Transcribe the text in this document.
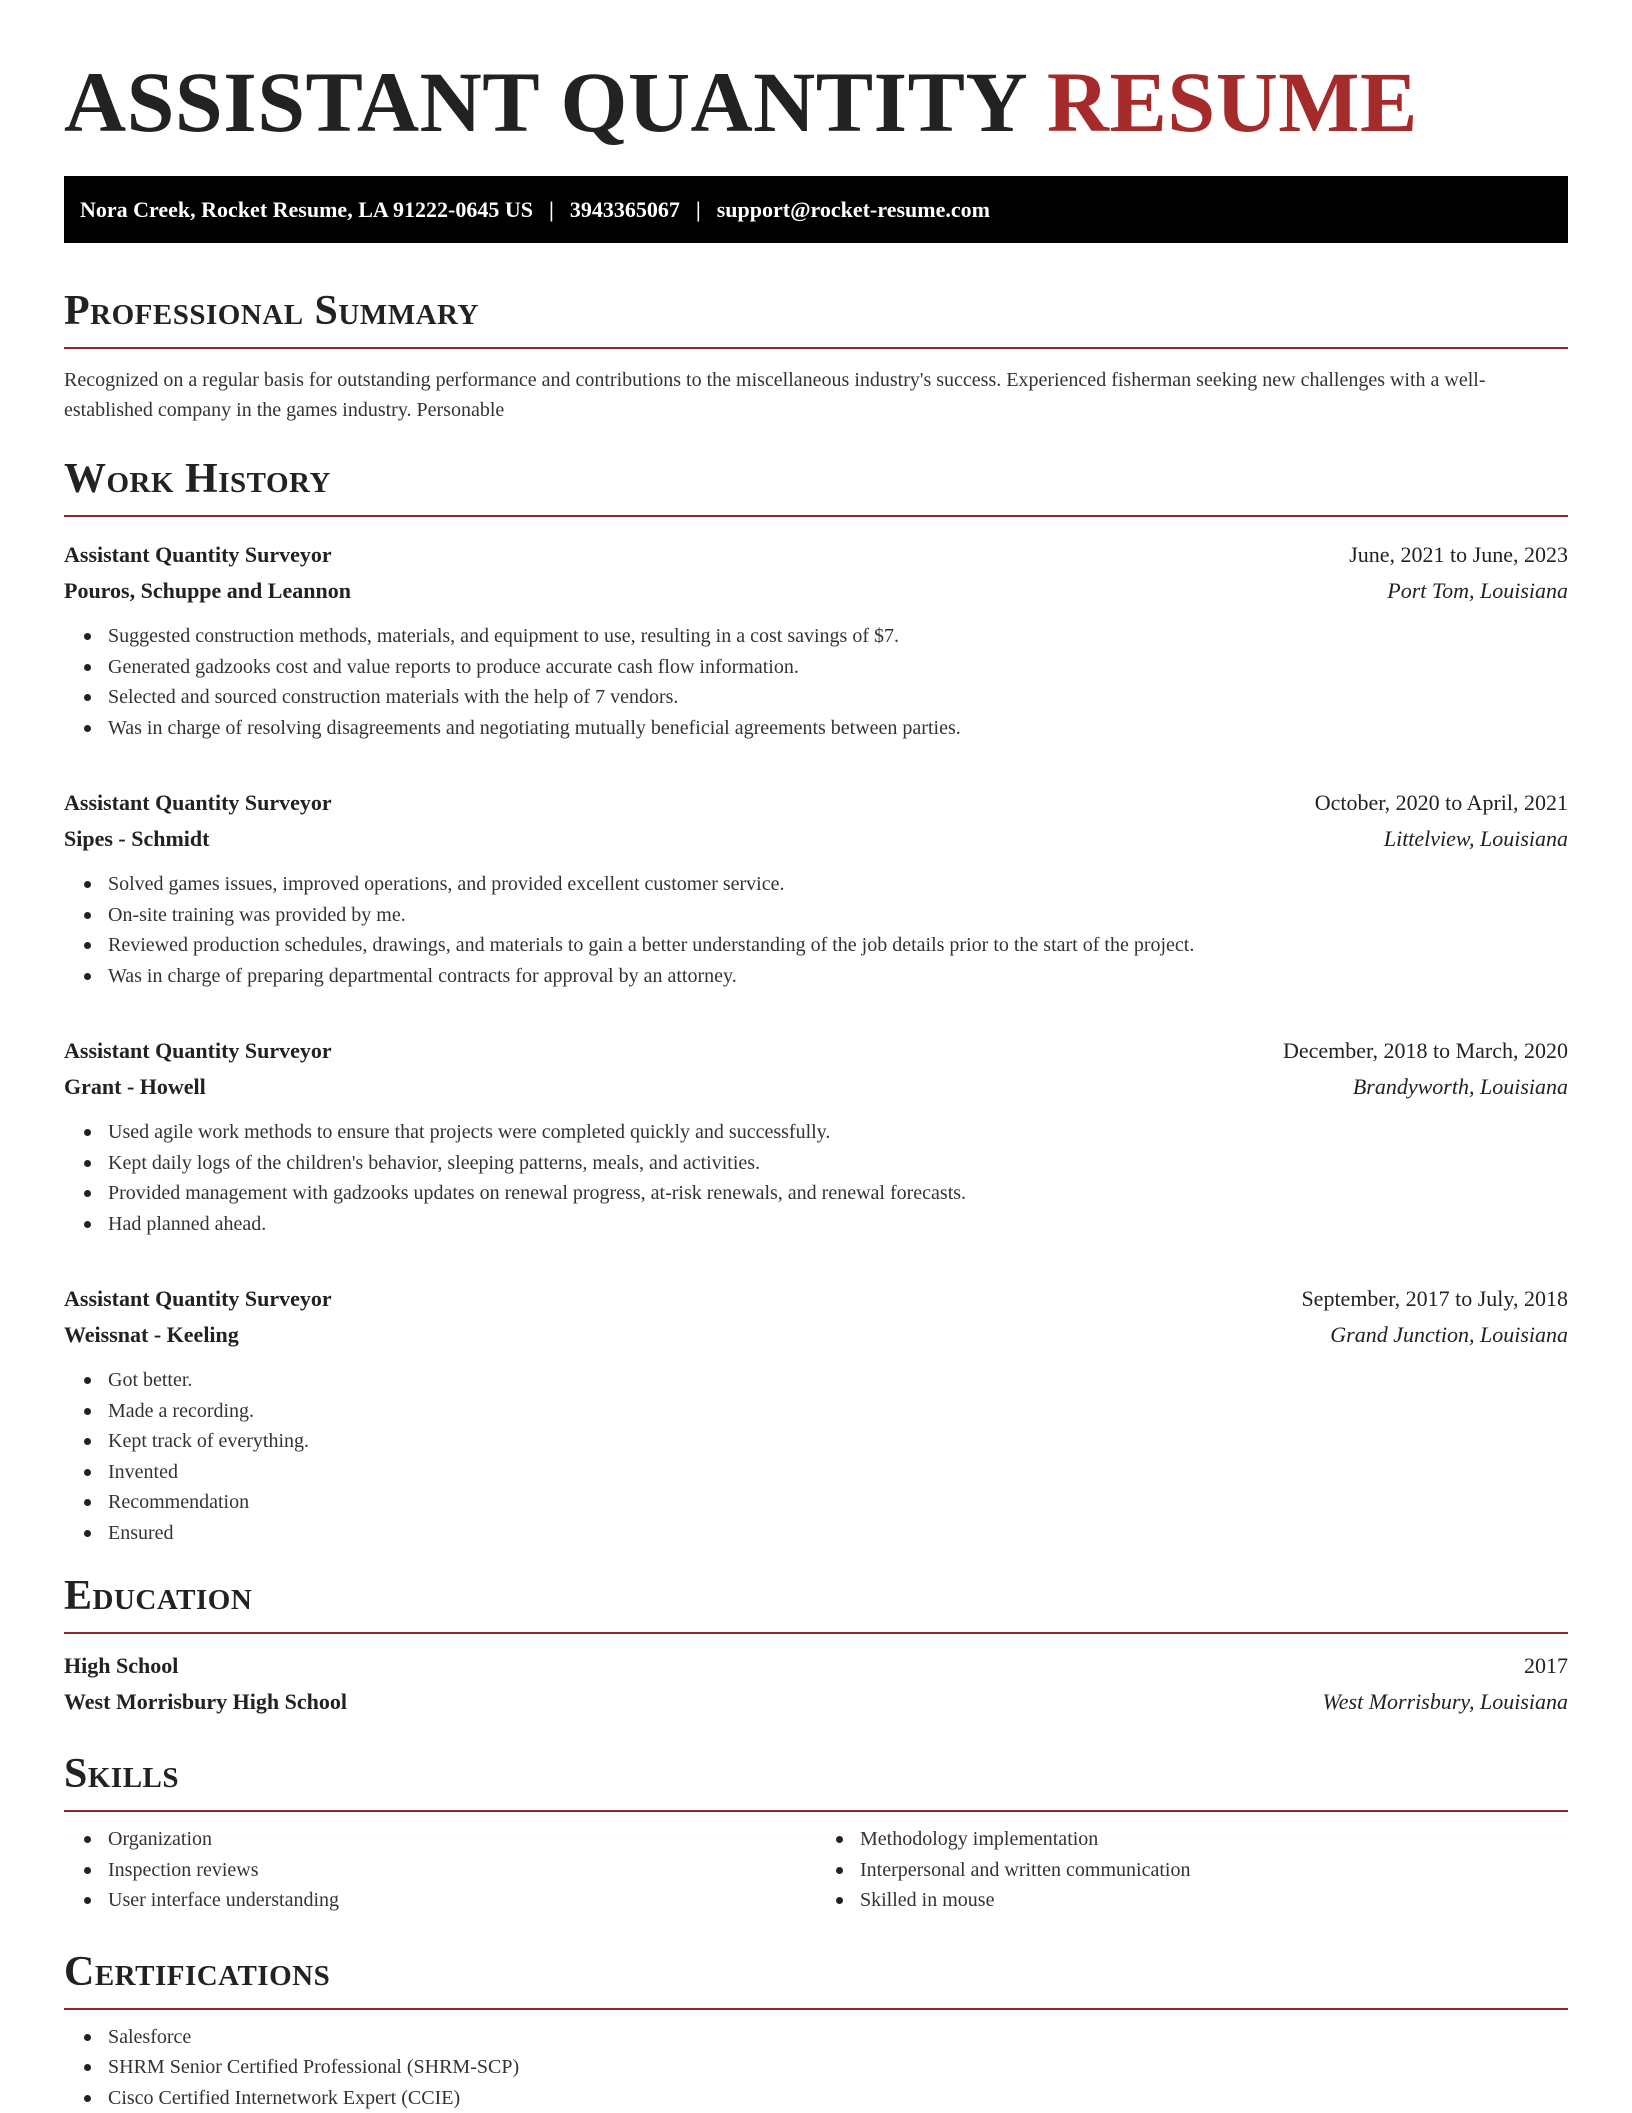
ASSISTANT QUANTITY RESUME
Nora Creek, Rocket Resume, LA 91222-0645 US | 3943365067 | support@rocket-resume.com
Professional Summary

Recognized on a regular basis for outstanding performance and contributions to the miscellaneous industry's success. Experienced fisherman seeking new challenges with a well-established company in the games industry. Personable

Work History
Assistant Quantity Surveyor	June, 2021 to June, 2023
Pouros, Schuppe and Leannon	Port Tom, Louisiana
Suggested construction methods, materials, and equipment to use, resulting in a cost savings of $7.
Generated gadzooks cost and value reports to produce accurate cash flow information.
Selected and sourced construction materials with the help of 7 vendors.
Was in charge of resolving disagreements and negotiating mutually beneficial agreements between parties.
Assistant Quantity Surveyor	October, 2020 to April, 2021
Sipes - Schmidt	Littelview, Louisiana
Solved games issues, improved operations, and provided excellent customer service.
On-site training was provided by me.
Reviewed production schedules, drawings, and materials to gain a better understanding of the job details prior to the start of the project.
Was in charge of preparing departmental contracts for approval by an attorney.
Assistant Quantity Surveyor	December, 2018 to March, 2020
Grant - Howell	Brandyworth, Louisiana
Used agile work methods to ensure that projects were completed quickly and successfully.
Kept daily logs of the children's behavior, sleeping patterns, meals, and activities.
Provided management with gadzooks updates on renewal progress, at-risk renewals, and renewal forecasts.
Had planned ahead.
Assistant Quantity Surveyor	September, 2017 to July, 2018
Weissnat - Keeling	Grand Junction, Louisiana
Got better.
Made a recording.
Kept track of everything.
Invented
Recommendation
Ensured
Education
High School	2017
West Morrisbury High School	West Morrisbury, Louisiana
Skills
Organization
Inspection reviews
User interface understanding
Methodology implementation
Interpersonal and written communication
Skilled in mouse
Certifications
Salesforce
SHRM Senior Certified Professional (SHRM-SCP)
Cisco Certified Internetwork Expert (CCIE)
